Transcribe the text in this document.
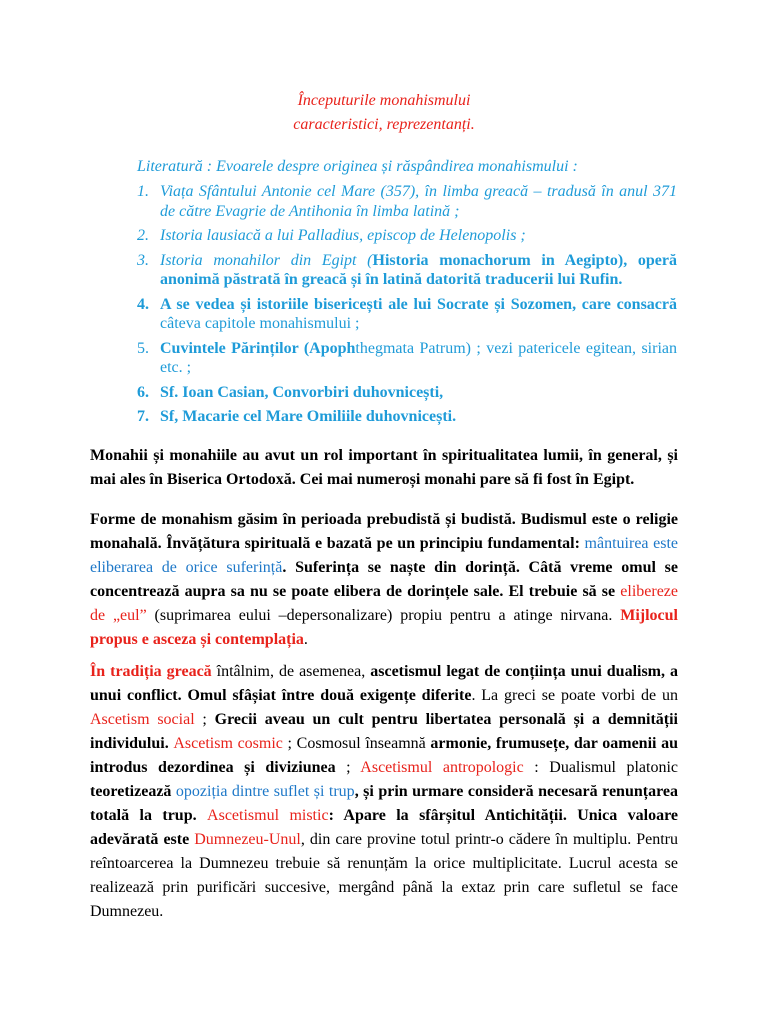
Începuturile monahismului
caracteristici, reprezentanți.
Literatură : Evoarele despre originea și răspândirea monahismului :
1. Viața Sfântului Antonie cel Mare (357), în limba greacă – tradusă în anul 371 de către Evagrie de Antihonia în limba latină ;
2. Istoria lausiacă a lui Palladius, episcop de Helenopolis ;
3. Istoria monahilor din Egipt (Historia monachorum in Aegipto), operă anonimă păstrată în greacă și în latină datorită traducerii lui Rufin.
4. A se vedea și istoriile bisericești ale lui Socrate și Sozomen, care consacră câteva capitole monahismului ;
5. Cuvintele Părinților (Apophthegmata Patrum) ; vezi patericele egitean, sirian etc. ;
6. Sf. Ioan Casian, Convorbiri duhovnicești,
7. Sf, Macarie cel Mare Omiliile duhovnicești.

Monahii și monahiile au avut un rol important în spiritualitatea lumii, în general, și mai ales în Biserica Ortodoxă. Cei mai numeroși monahi pare să fi fost în Egipt.

Forme de monahism găsim în perioada prebudistă și budistă. Budismul este o religie monahală. Învățătura spirituală e bazată pe un principiu fundamental: mântuirea este eliberarea de orice suferință. Suferința se naște din dorință. Câtă vreme omul se concentrează aupra sa nu se poate elibera de dorințele sale. El trebuie să se elibereze de „eul” (suprimarea eului –depersonalizare) propiu pentru a atinge nirvana. Mijlocul propus e asceza și contemplația.

În tradiția greacă întâlnim, de asemenea, ascetismul legat de conțiința unui dualism, a unui conflict. Omul sfâșiat între două exigențe diferite. La greci se poate vorbi de un Ascetism social ; Grecii aveau un cult pentru libertatea personală și a demnității individului. Ascetism cosmic ; Cosmosul înseamnă armonie, frumusețe, dar oamenii au introdus dezordinea și diviziunea ; Ascetismul antropologic : Dualismul platonic teoretizează opoziția dintre suflet și trup, și prin urmare consideră necesară renunțarea totală la trup. Ascetismul mistic: Apare la sfârșitul Antichității. Unica valoare adevărată este Dumnezeu-Unul, din care provine totul printr-o cădere în multiplu. Pentru reîntoarcerea la Dumnezeu trebuie să renunțăm la orice multiplicitate. Lucrul acesta se realizează prin purificări succesive, mergând până la extaz prin care sufletul se face Dumnezeu.
